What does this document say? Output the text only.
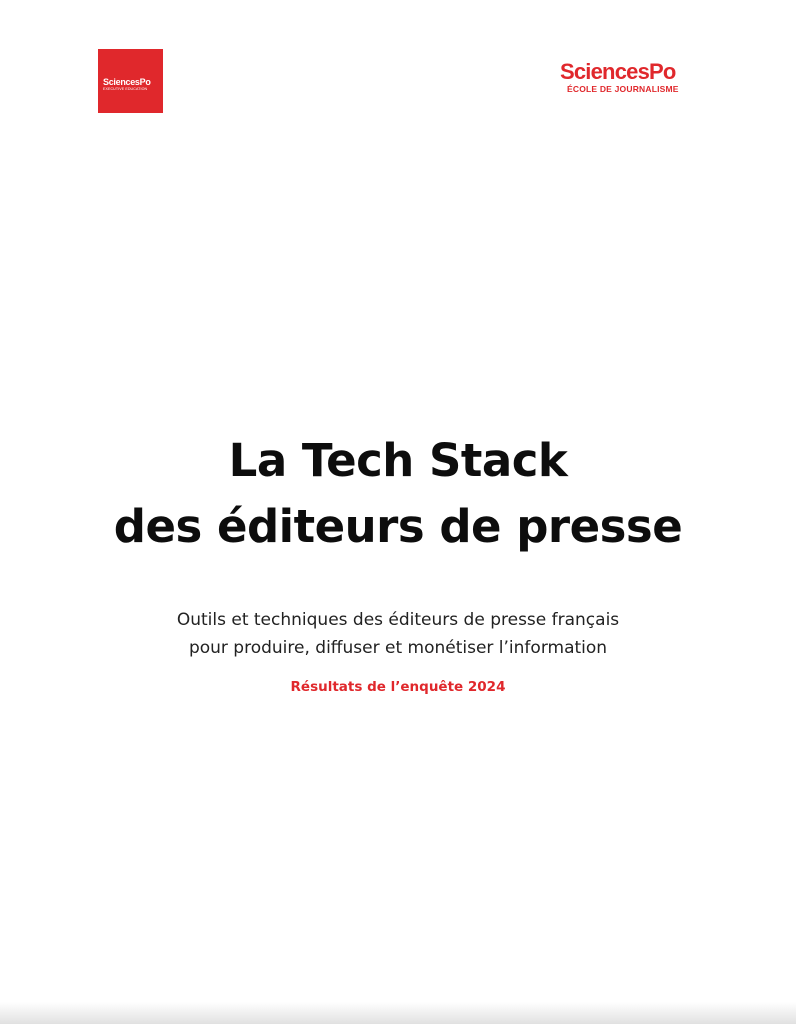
SciencesPo
EXECUTIVE EDUCATION
SciencesPo
ÉCOLE DE JOURNALISME
La Tech Stack
des éditeurs de presse
Outils et techniques des éditeurs de presse français
pour produire, diffuser et monétiser l’information
Résultats de l’enquête 2024
